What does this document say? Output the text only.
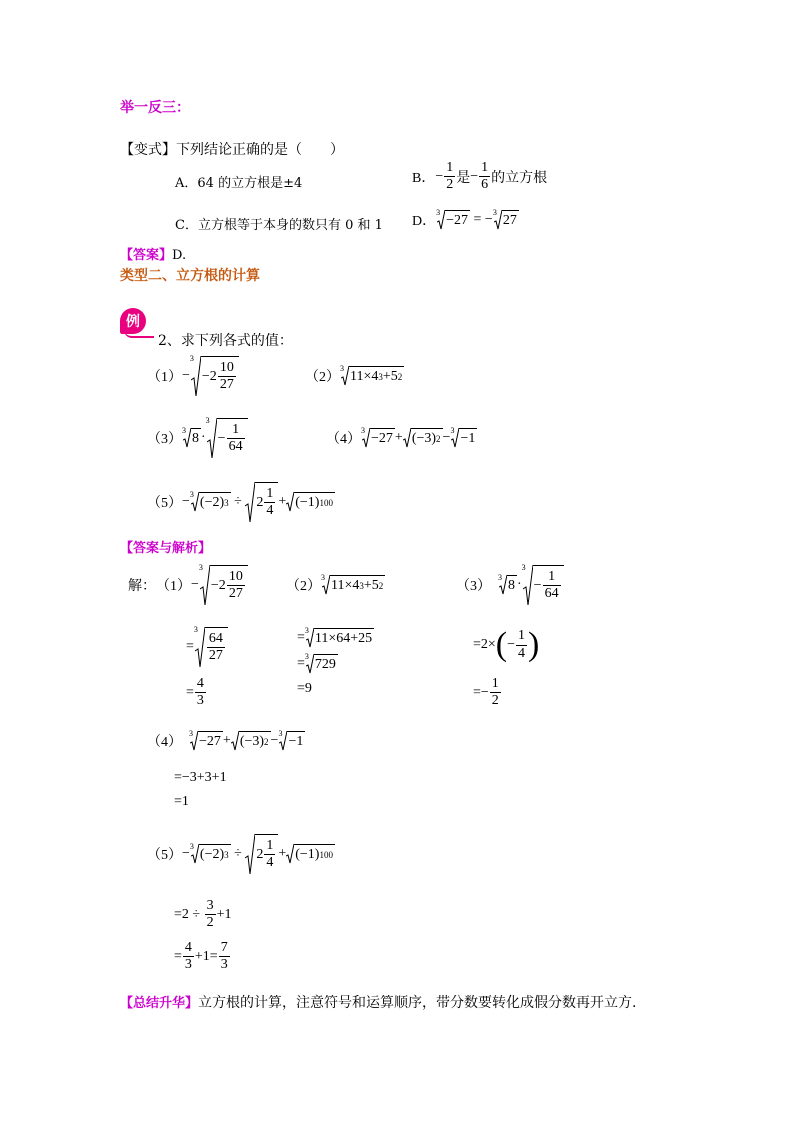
举一反三：
【变式】下列结论正确的是（　　）
A．64 的立方根是±4	B． − $\frac{1}{2}$ 是 − $\frac{1}{6}$ 的立方根
C．立方根等于本身的数只有 0 和 1 D．
3 −27 = − 3 27
【答案】D.
类型二、立方根的计算
例
2、求下列各式的值：
（1） −
3
$-2 \frac{10}{27}$	（2）
3 11×4 3 +5 2
（3）
3 8 ·
3
− $\frac{1}{64}$	（4）
3 −27 + (−3) 2 − 3 −1
（5） − 3 (−2) $3 \div 2 \frac{1}{4} + (-1)$ 100
【答案与解析】
解： （1） −
3
$-2 \frac{10}{27}$
=
3
$\frac{64}{27}$
= $\frac{4}{3}$
（2）
3 11×4 3 +5 2
= 3 11×64+25
= 3 729
=9
（3）

3 8 ·
3
− $\frac{1}{64}$
=2× ( − $\frac{1}{4}$ )
=− $\frac{1}{2}$
（4）

3 −27 + (−3) 2 − 3 −1
=−3+3+1
=1
（5） − 3 (−2) $3 \div 2 \frac{1}{4} + (-1)$ 100
$=2 \div \frac{3}{2} +1$
= $\frac{4}{3} +1= \frac{7}{3}$
【总结升华】立方根的计算，注意符号和运算顺序，带分数要转化成假分数再开立方.
